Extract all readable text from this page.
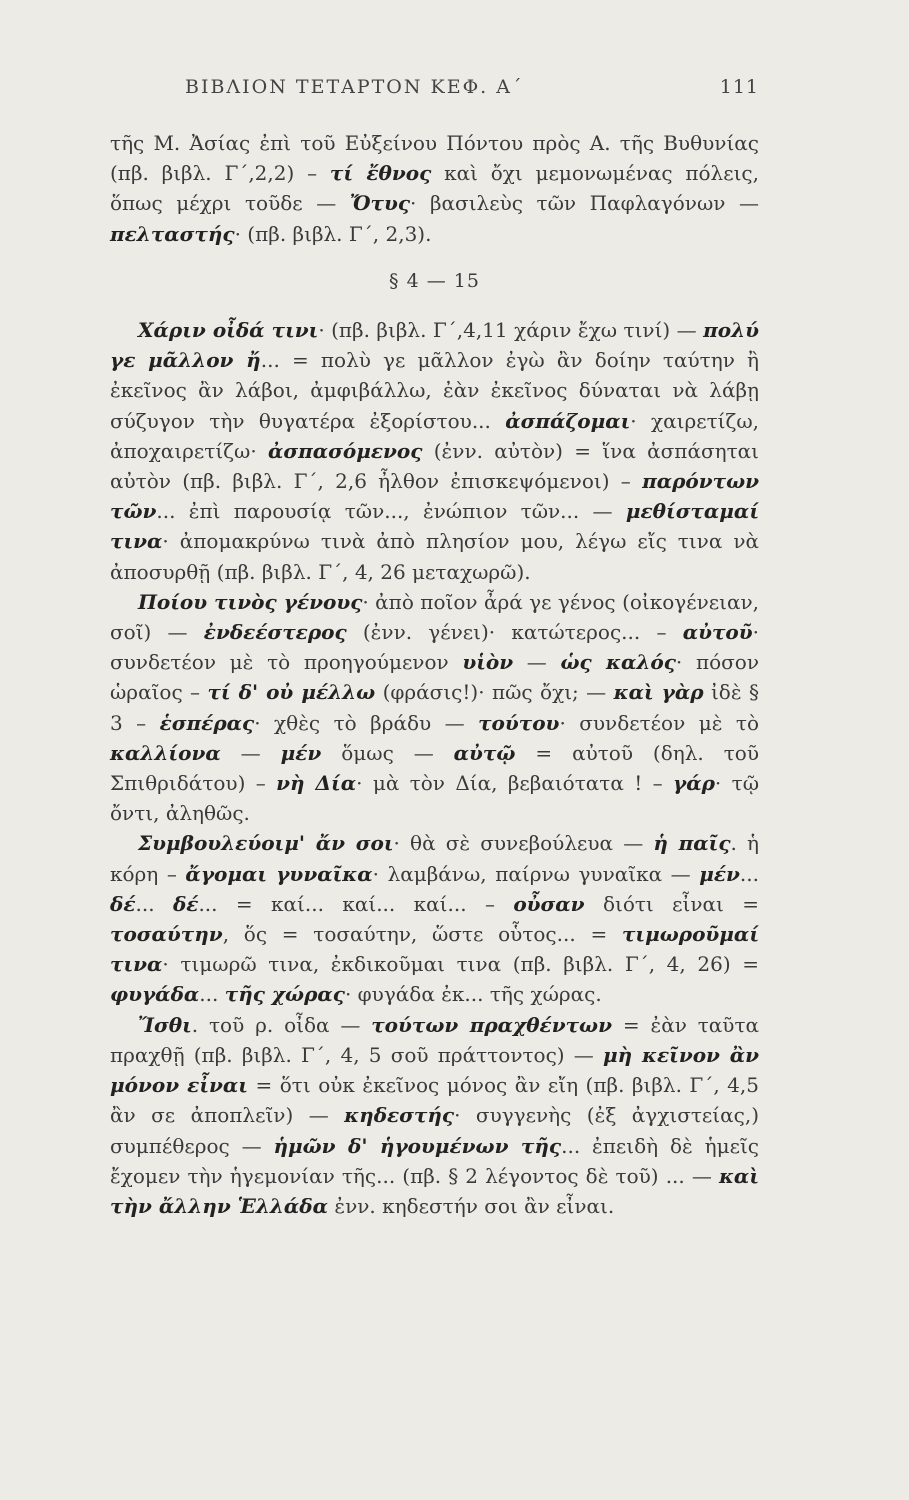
ΒΙΒΛΙΟΝ ΤΕΤΑΡΤΟΝ ΚΕΦ. Α΄	111

τῆς Μ. Ἀσίας ἐπὶ τοῦ Εὐξείνου Πόντου πρὸς Α. τῆς Βυθυνίας (πβ. βιβλ. Γ΄,2,2) – τί ἔθνος καὶ ὄχι μεμονωμένας πόλεις, ὅπως μέχρι τοῦδε — Ὄτυς· βασιλεὺς τῶν Παφλαγόνων — πελταστής· (πβ. βιβλ. Γ΄, 2,3).

§ 4 — 15

Χάριν οἶδά τινι· (πβ. βιβλ. Γ΄,4,11 χάριν ἔχω τινί) — πολύ γε μᾶλλον ἤ... = πολὺ γε μᾶλλον ἐγὼ ἂν δοίην ταύτην ἢ ἐκεῖνος ἂν λάβοι, ἀμφιβάλλω, ἐὰν ἐκεῖνος δύναται νὰ λάβῃ σύζυγον τὴν θυγατέρα ἐξορίστου... ἀσπάζομαι· χαιρετίζω, ἀποχαιρετίζω· ἀσπασόμενος (ἐνν. αὐτὸν) = ἵνα ἀσπάσηται αὐτὸν (πβ. βιβλ. Γ΄, 2,6 ἦλθον ἐπισκεψόμενοι) – παρόντων τῶν... ἐπὶ παρουσίᾳ τῶν..., ἐνώπιον τῶν... — μεθίσταμαί τινα· ἀπομακρύνω τινὰ ἀπὸ πλησίον μου, λέγω εἴς τινα νὰ ἀποσυρθῇ (πβ. βιβλ. Γ΄, 4, 26 μεταχωρῶ).

Ποίου τινὸς γένους· ἀπὸ ποῖον ἆρά γε γένος (οἰκογένειαν, σοῖ) — ἐνδεέστερος (ἐνν. γένει)· κατώτερος... – αὐτοῦ· συνδετέον μὲ τὸ προηγούμενον υἱὸν — ὡς καλός· πόσον ὡραῖος – τί δ' οὐ μέλλω (φράσις!)· πῶς ὄχι; — καὶ γὰρ ἰδὲ § 3 – ἑσπέρας· χθὲς τὸ βράδυ — τούτου· συνδετέον μὲ τὸ καλλίονα — μέν ὅμως — αὐτῷ = αὐτοῦ (δηλ. τοῦ Σπιθριδάτου) – νὴ Δία· μὰ τὸν Δία, βεβαιότατα ! – γάρ· τῷ ὄντι, ἀληθῶς.

Συμβουλεύοιμ' ἄν σοι· θὰ σὲ συνεβούλευα — ἡ παῖς. ἡ κόρη – ἄγομαι γυναῖκα· λαμβάνω, παίρνω γυναῖκα — μέν... δέ... δέ... = καί... καί... καί... – οὖσαν διότι εἶναι = τοσαύτην, ὅς = τοσαύτην, ὥστε οὗτος... = τιμωροῦμαί τινα· τιμωρῶ τινα, ἐκδικοῦμαι τινα (πβ. βιβλ. Γ΄, 4, 26) = φυγάδα... τῆς χώρας· φυγάδα ἐκ... τῆς χώρας.

Ἴσθι. τοῦ ρ. οἶδα — τούτων πραχθέντων = ἐὰν ταῦτα πραχθῇ (πβ. βιβλ. Γ΄, 4, 5 σοῦ πράττοντος) — μὴ κεῖνον ἂν μόνον εἶναι = ὅτι οὐκ ἐκεῖνος μόνος ἂν εἴη (πβ. βιβλ. Γ΄, 4,5 ἂν σε ἀποπλεῖν) — κηδεστής· συγγενὴς (ἐξ ἀγχιστείας,) συμπέθερος — ἡμῶν δ' ἡγουμένων τῆς... ἐπειδὴ δὲ ἡμεῖς ἔχομεν τὴν ἡγεμονίαν τῆς... (πβ. § 2 λέγοντος δὲ τοῦ) ... — καὶ τὴν ἄλλην Ἑλλάδα ἐνν. κηδεστήν σοι ἂν εἶναι.
